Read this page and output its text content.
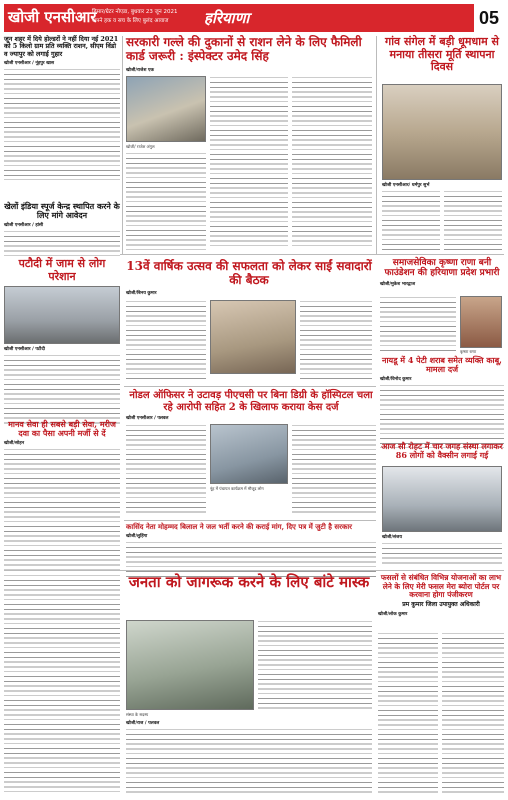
खोजी एनसीआर
हिसार/ग्रेटर नोएडा, बुधवार 23 जून 2021
अपने हक व सच के लिए बुलंद आवाज	हरियाणा	05
जून शहर में दिये होल्डरों ने नहीं दिया नई 2021 को 5 किलो ग्राम प्रति व्यक्ति राशन, सीएम विंडो व ज्यापुर को लगाई गुहार
खोजी एनसीआर / नूंहपुर खास
खेलों इंडिया स्पूर्ज केन्द्र स्थापित करने के लिए मांगे आवेदन
खोजी एनसीआर / हांसी
सरकारी गल्ले की दुकानों से राशन लेने के लिए फैमिली कार्ड जरूरी : इंस्पेक्टर उमेद सिंह
खोजी/राजेश एक
खोजी/ राजेश अंगुल
गांव संगेल में बड़ी धूमधाम से मनाया तीसरा मूर्ति स्थापना दिवस
खोजी एनसीआर/ धर्मपुर सुर्भ
पटौदी में जाम से लोग परेशान
खोजी एनसीआर / पटौदी
13वें वार्षिक उत्सव की सफलता को लेकर साईं सवादारों की बैठक
खोजी/बिनय कुमार
समाजसेविका कृष्णा राणा बनी फाउंडेशन की हरियाणा प्रदेश प्रभारी
खोजी/मुकेश भारद्वाज
कृष्णा राणा
नायडू में 4 पेटी शराब समेत व्यक्ति काबू, मामला दर्ज
खोजी/विनोद कुमार
नोडल ऑफिसर ने उटावड़ पीएचसी पर बिना डिग्री के हॉस्पिटल चला रहे आरोपी सहित 2 के खिलाफ कराया केस दर्ज
खोजी एनसीआर / पलवल
नूंह में पंचायत कार्यक्रम में मौजूद लोग
आज सौ रोहट में चार जगह संस्था लगाकर 86 लोगों को वैक्सीन लगाई गई
खोजी/संजय
मानव सेवा ही सबसे बड़ी सेवा, मरीज दवा का पैसा अपनी मर्जी से दें
खोजी/सोहन
कासिंद नेता मोहम्मद बिलाल ने जल भर्ती करने की कराई मांग, दिए पत्र में जुटी है सरकार
खोजी/लुहिंगा
जनता को जागरूक करने के लिए बांटे मास्क
संस्था के सदस्य
खोजी/राज / पलवल
फसलों से संबंधित विभिन्न योजनाओं का लाभ लेने के लिए मेरी फसल मेरा ब्योरा पोर्टल पर करवाना होगा पंजीकरण
प्रम कुमार जिला उपायुक्त अधिकारी
खोजी/लोक कुमार
